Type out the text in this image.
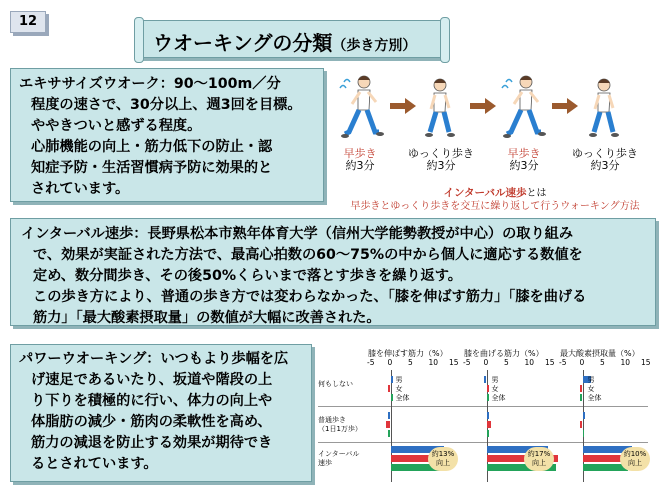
12
ウオーキングの分類（歩き方別）
エキササイズウオーク：90～100m／分
程度の速さで、30分以上、週3回を目標。
ややきついと感ずる程度。
心肺機能の向上・筋力低下の防止・認
知症予防・生活習慣病予防に効果的と
されています。
早歩き
約3分
ゆっくり歩き
約3分
早歩き
約3分
ゆっくり歩き
約3分
インターバル速歩とは
早歩きとゆっくり歩きを交互に繰り返して行うウォーキング方法
インターバル速歩：長野県松本市熟年体育大学（信州大学能勢教授が中心）の取り組み
で、効果が実証された方法で、最高心拍数の60～75%の中から個人に適応する数値を
定め、数分間歩き、その後50%くらいまで落とす歩きを繰り返す。
この歩き方により、普通の歩き方では変わらなかった、「膝を伸ばす筋力」「膝を曲げる
筋力」「最大酸素摂取量」の数値が大幅に改善された。
パワーウオーキング：いつもより歩幅を広
げ速足であるいたり、坂道や階段の上
り下りを積極的に行い、体力の向上や
体脂肪の減少・筋肉の柔軟性を高め、
筋力の減退を防止する効果が期待でき
るとされています。
何もしない
普通歩き
（1日1万歩）
インターバル
速歩
膝を伸ばす筋力（%）
-5 0 5 10 15
男
女
全体
約13%
向上
膝を曲げる筋力（%）
-5 0 5 10 15
男
女
全体
約17%
向上
最大酸素摂取量（%）
-5 0 5 10 15
男
女
全体
約10%
向上
